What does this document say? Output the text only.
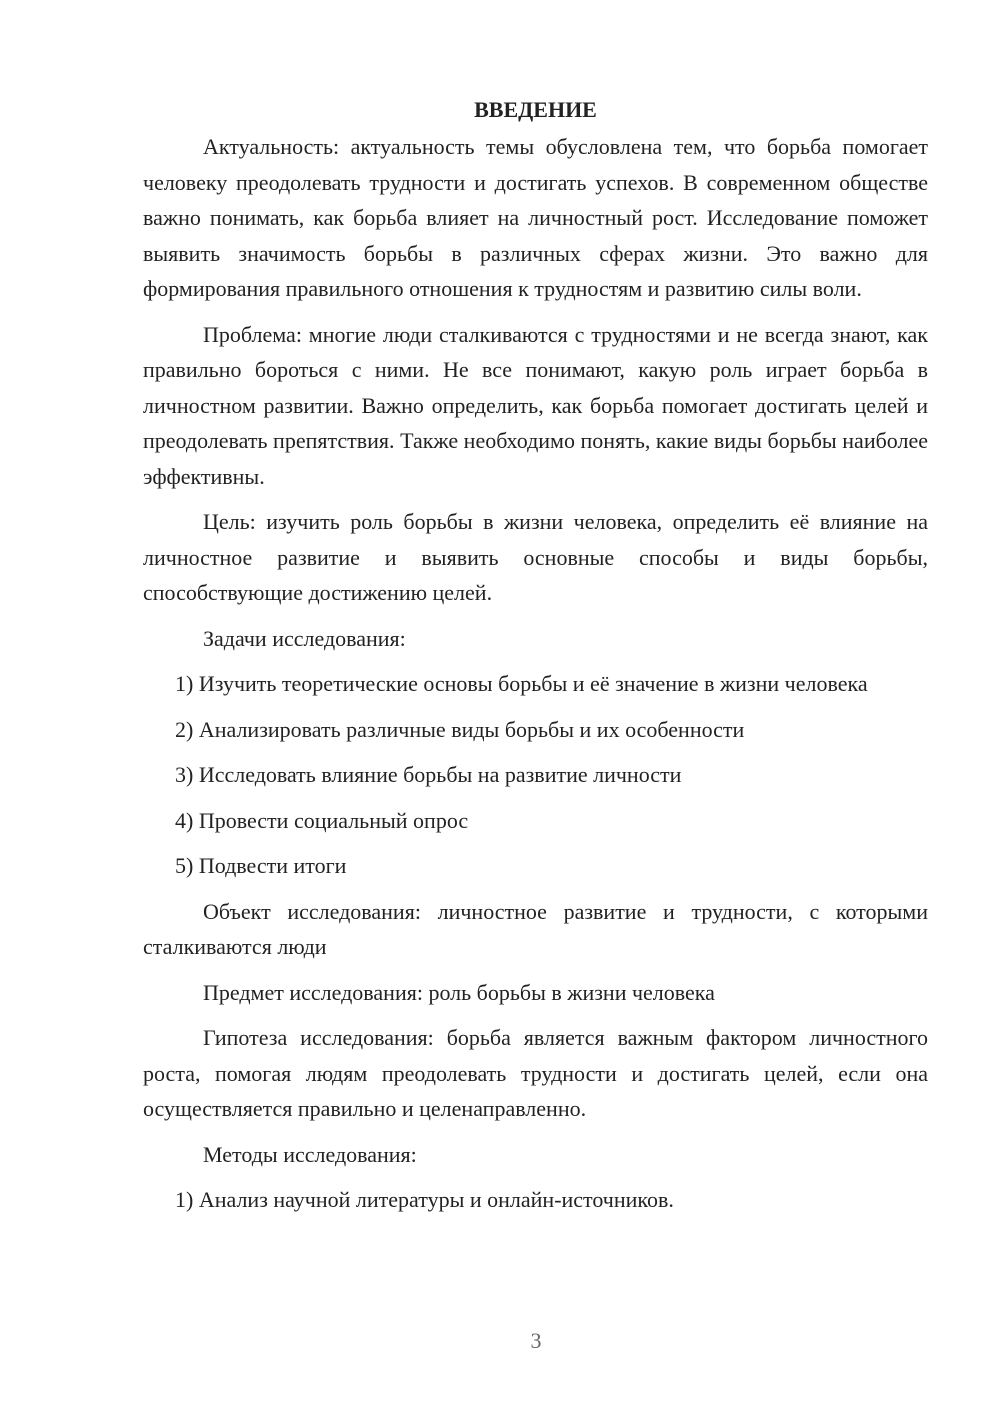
ВВЕДЕНИЕ

Актуальность: актуальность темы обусловлена тем, что борьба помогает человеку преодолевать трудности и достигать успехов. В современном обществе важно понимать, как борьба влияет на личностный рост. Исследование поможет выявить значимость борьбы в различных сферах жизни. Это важно для формирования правильного отношения к трудностям и развитию силы воли.

Проблема: многие люди сталкиваются с трудностями и не всегда знают, как правильно бороться с ними. Не все понимают, какую роль играет борьба в личностном развитии. Важно определить, как борьба помогает достигать целей и преодолевать препятствия. Также необходимо понять, какие виды борьбы наиболее эффективны.

Цель: изучить роль борьбы в жизни человека, определить её влияние на личностное развитие и выявить основные способы и виды борьбы, способствующие достижению целей.

Задачи исследования:

1) Изучить теоретические основы борьбы и её значение в жизни человека

2) Анализировать различные виды борьбы и их особенности

3) Исследовать влияние борьбы на развитие личности

4) Провести социальный опрос

5) Подвести итоги

Объект исследования: личностное развитие и трудности, с которыми сталкиваются люди

Предмет исследования: роль борьбы в жизни человека

Гипотеза исследования: борьба является важным фактором личностного роста, помогая людям преодолевать трудности и достигать целей, если она осуществляется правильно и целенаправленно.

Методы исследования:

1) Анализ научной литературы и онлайн-источников.

3
